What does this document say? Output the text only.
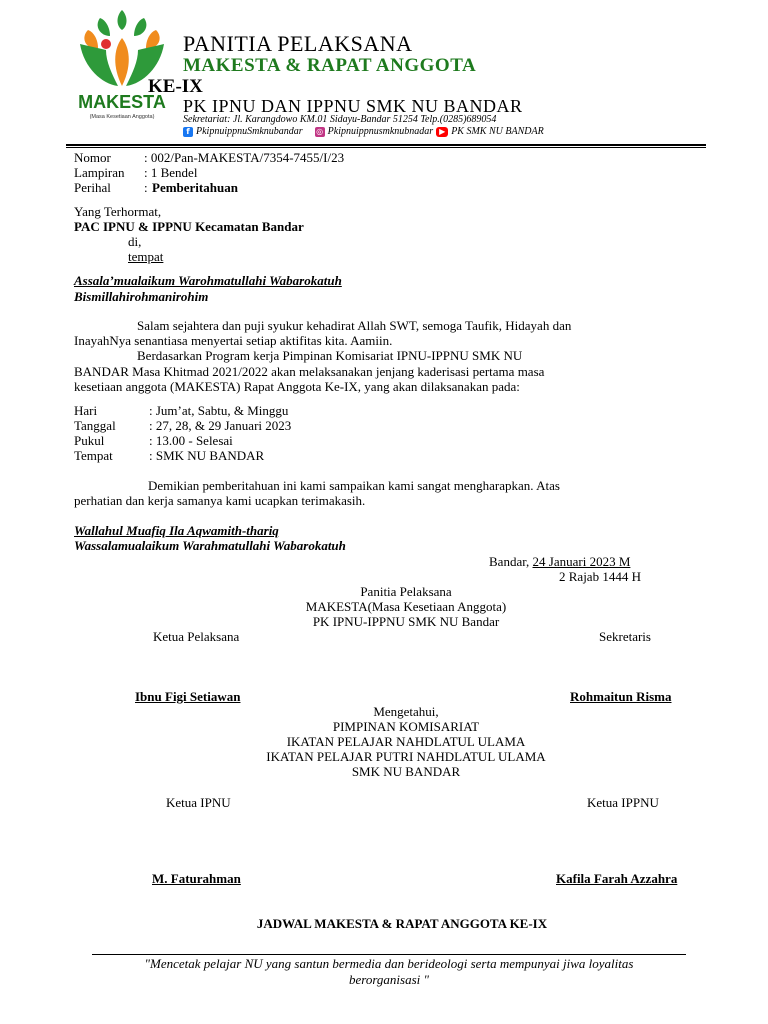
MAKESTA
(Masa Kesetiaan Anggota)
PANITIA PELAKSANA
MAKESTA & RAPAT ANGGOTA
KE-IX
PK IPNU DAN IPPNU SMK NU BANDAR
Sekretariat: Jl. Karangdowo KM.01 Sidayu-Bandar 51254 Telp.(0285)689054
f PkipnuippnuSmknubandar ◎ Pkipnuippnusmknubnadar ▶ PK SMK NU BANDAR
Nomor	: 002/Pan-MAKESTA/7354-7455/I/23
Lampiran : 1 Bendel
Perihal	: Pemberitahuan
Yang Terhormat,
PAC IPNU & IPPNU Kecamatan Bandar
di,
tempat
Assala’mualaikum Warohmatullahi Wabarokatuh
Bismillahirohmanirohim
Salam sejahtera dan puji syukur kehadirat Allah SWT, semoga Taufik, Hidayah dan
InayahNya senantiasa menyertai setiap aktifitas kita. Aamiin.
Berdasarkan Program kerja Pimpinan Komisariat IPNU-IPPNU SMK NU
BANDAR Masa Khitmad 2021/2022 akan melaksanakan jenjang kaderisasi pertama masa
kesetiaan anggota (MAKESTA) Rapat Anggota Ke-IX, yang akan dilaksanakan pada:
Hari	: Jum’at, Sabtu, & Minggu
Tanggal	: 27, 28, & 29 Januari 2023
Pukul	: 13.00 - Selesai
Tempat	: SMK NU BANDAR
Demikian pemberitahuan ini kami sampaikan kami sangat mengharapkan. Atas
perhatian dan kerja samanya kami ucapkan terimakasih.
Wallahul Muafiq Ila Aqwamith-thariq
Wassalamualaikum Warahmatullahi Wabarokatuh
Bandar, 24 Januari 2023 M
2 Rajab 1444 H
Panitia Pelaksana
MAKESTA(Masa Kesetiaan Anggota)
PK IPNU-IPPNU SMK NU Bandar
Ketua Pelaksana	Sekretaris
Ibnu Figi Setiawan	Rohmaitun Risma
Mengetahui,
PIMPINAN KOMISARIAT
IKATAN PELAJAR NAHDLATUL ULAMA
IKATAN PELAJAR PUTRI NAHDLATUL ULAMA
SMK NU BANDAR
Ketua IPNU	Ketua IPPNU
M. Faturahman	Kafila Farah Azzahra
JADWAL MAKESTA & RAPAT ANGGOTA KE-IX
"Mencetak pelajar NU yang santun bermedia dan berideologi serta mempunyai jiwa loyalitas
berorganisasi "
